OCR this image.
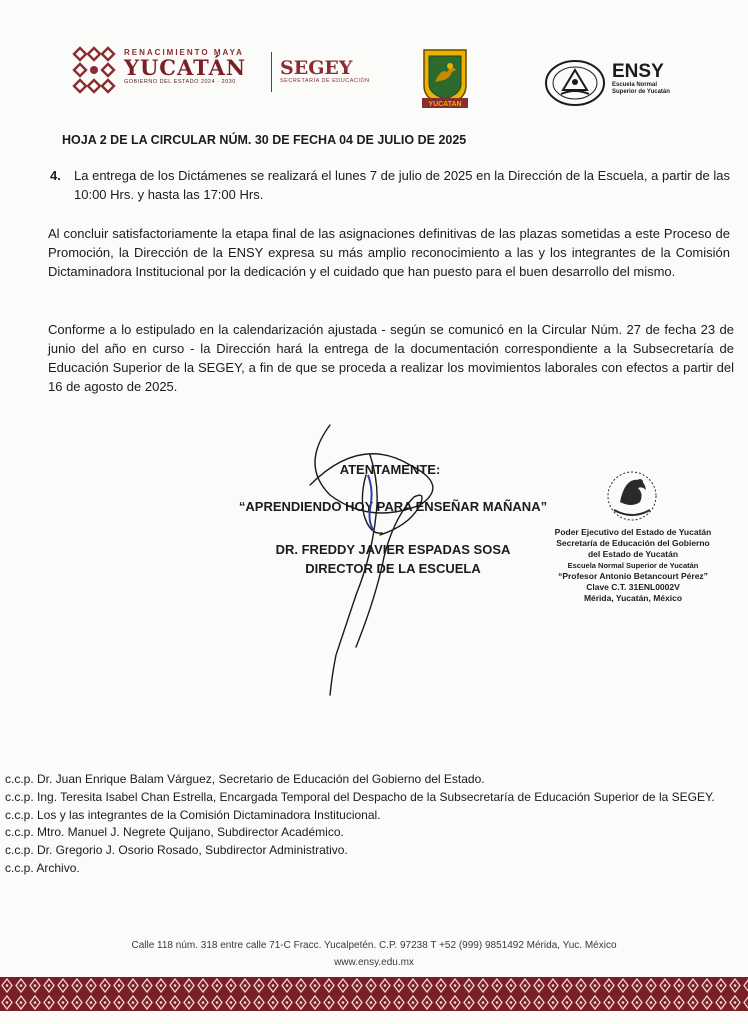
RENACIMIENTO MAYA
YUCATÁN
GOBIERNO DEL ESTADO 2024 · 2030
SEGEY
SECRETARÍA DE EDUCACIÓN
YUCATAN
ENSY
Escuela Normal
Superior de Yucatán
HOJA 2 DE LA CIRCULAR NÚM. 30 DE FECHA 04 DE JULIO DE 2025
4. La entrega de los Dictámenes se realizará el lunes 7 de julio de 2025 en la Dirección de la Escuela, a partir de las 10:00 Hrs. y hasta las 17:00 Hrs.
Al concluir satisfactoriamente la etapa final de las asignaciones definitivas de las plazas sometidas a este Proceso de Promoción, la Dirección de la ENSY expresa su más amplio reconocimiento a las y los integrantes de la Comisión Dictaminadora Institucional por la dedicación y el cuidado que han puesto para el buen desarrollo del mismo.
Conforme a lo estipulado en la calendarización ajustada - según se comunicó en la Circular Núm. 27 de fecha 23 de junio del año en curso - la Dirección hará la entrega de la documentación correspondiente a la Subsecretaría de Educación Superior de la SEGEY, a fin de que se proceda a realizar los movimientos laborales con efectos a partir del 16 de agosto de 2025.
ATENTAMENTE:
“APRENDIENDO HOY PARA ENSEÑAR MAÑANA”
DR. FREDDY JAVIER ESPADAS SOSA
DIRECTOR DE LA ESCUELA
Poder Ejecutivo del Estado de Yucatán
Secretaría de Educación del Gobierno
del Estado de Yucatán
Escuela Normal Superior de Yucatán
“Profesor Antonio Betancourt Pérez”
Clave C.T. 31ENL0002V
Mérida, Yucatán, México
c.c.p. Dr. Juan Enrique Balam Várguez, Secretario de Educación del Gobierno del Estado.
c.c.p. Ing. Teresita Isabel Chan Estrella, Encargada Temporal del Despacho de la Subsecretaría de Educación Superior de la SEGEY.
c.c.p. Los y las integrantes de la Comisión Dictaminadora Institucional.
c.c.p. Mtro. Manuel J. Negrete Quijano, Subdirector Académico.
c.c.p. Dr. Gregorio J. Osorio Rosado, Subdirector Administrativo.
c.c.p. Archivo.
Calle 118 núm. 318 entre calle 71-C Fracc. Yucalpetén. C.P. 97238 T +52 (999) 9851492 Mérida, Yuc. México
www.ensy.edu.mx
